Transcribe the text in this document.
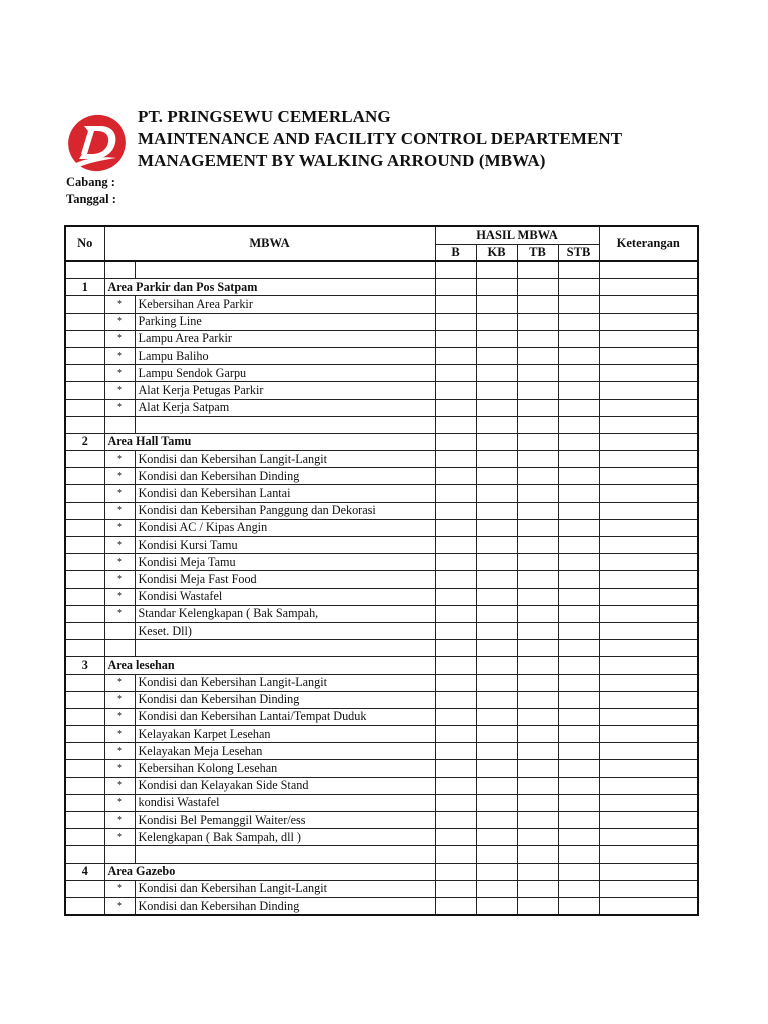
PT. PRINGSEWU CEMERLANG
MAINTENANCE AND FACILITY CONTROL DEPARTEMENT
MANAGEMENT BY WALKING ARROUND (MBWA)
Cabang :
Tanggal :
No	MBWA		HASIL MBWA				Keterangan
			B	KB	TB	STB	

1	Area Parkir dan Pos Satpam						
	*	Kebersihan Area Parkir					
	*	Parking Line					
	*	Lampu Area Parkir					
	*	Lampu Baliho					
	*	Lampu Sendok Garpu					
	*	Alat Kerja Petugas Parkir					
	*	Alat Kerja Satpam					

2	Area Hall Tamu						
	*	Kondisi dan Kebersihan Langit-Langit					
	*	Kondisi dan Kebersihan Dinding					
	*	Kondisi dan Kebersihan Lantai					
	*	Kondisi dan Kebersihan Panggung dan Dekorasi					
	*	Kondisi AC / Kipas Angin					
	*	Kondisi Kursi Tamu					
	*	Kondisi Meja Tamu					
	*	Kondisi Meja Fast Food					
	*	Kondisi Wastafel					
	*	Standar Kelengkapan ( Bak Sampah,					
		Keset. Dll)					

3	Area lesehan						
	*	Kondisi dan Kebersihan Langit-Langit					
	*	Kondisi dan Kebersihan Dinding					
	*	Kondisi dan Kebersihan Lantai/Tempat Duduk					
	*	Kelayakan Karpet Lesehan					
	*	Kelayakan Meja Lesehan					
	*	Kebersihan Kolong Lesehan					
	*	Kondisi dan Kelayakan Side Stand					
	*	kondisi Wastafel					
	*	Kondisi Bel Pemanggil Waiter/ess					
	*	Kelengkapan ( Bak Sampah, dll )					

4	Area Gazebo						
	*	Kondisi dan Kebersihan Langit-Langit					
	*	Kondisi dan Kebersihan Dinding					
